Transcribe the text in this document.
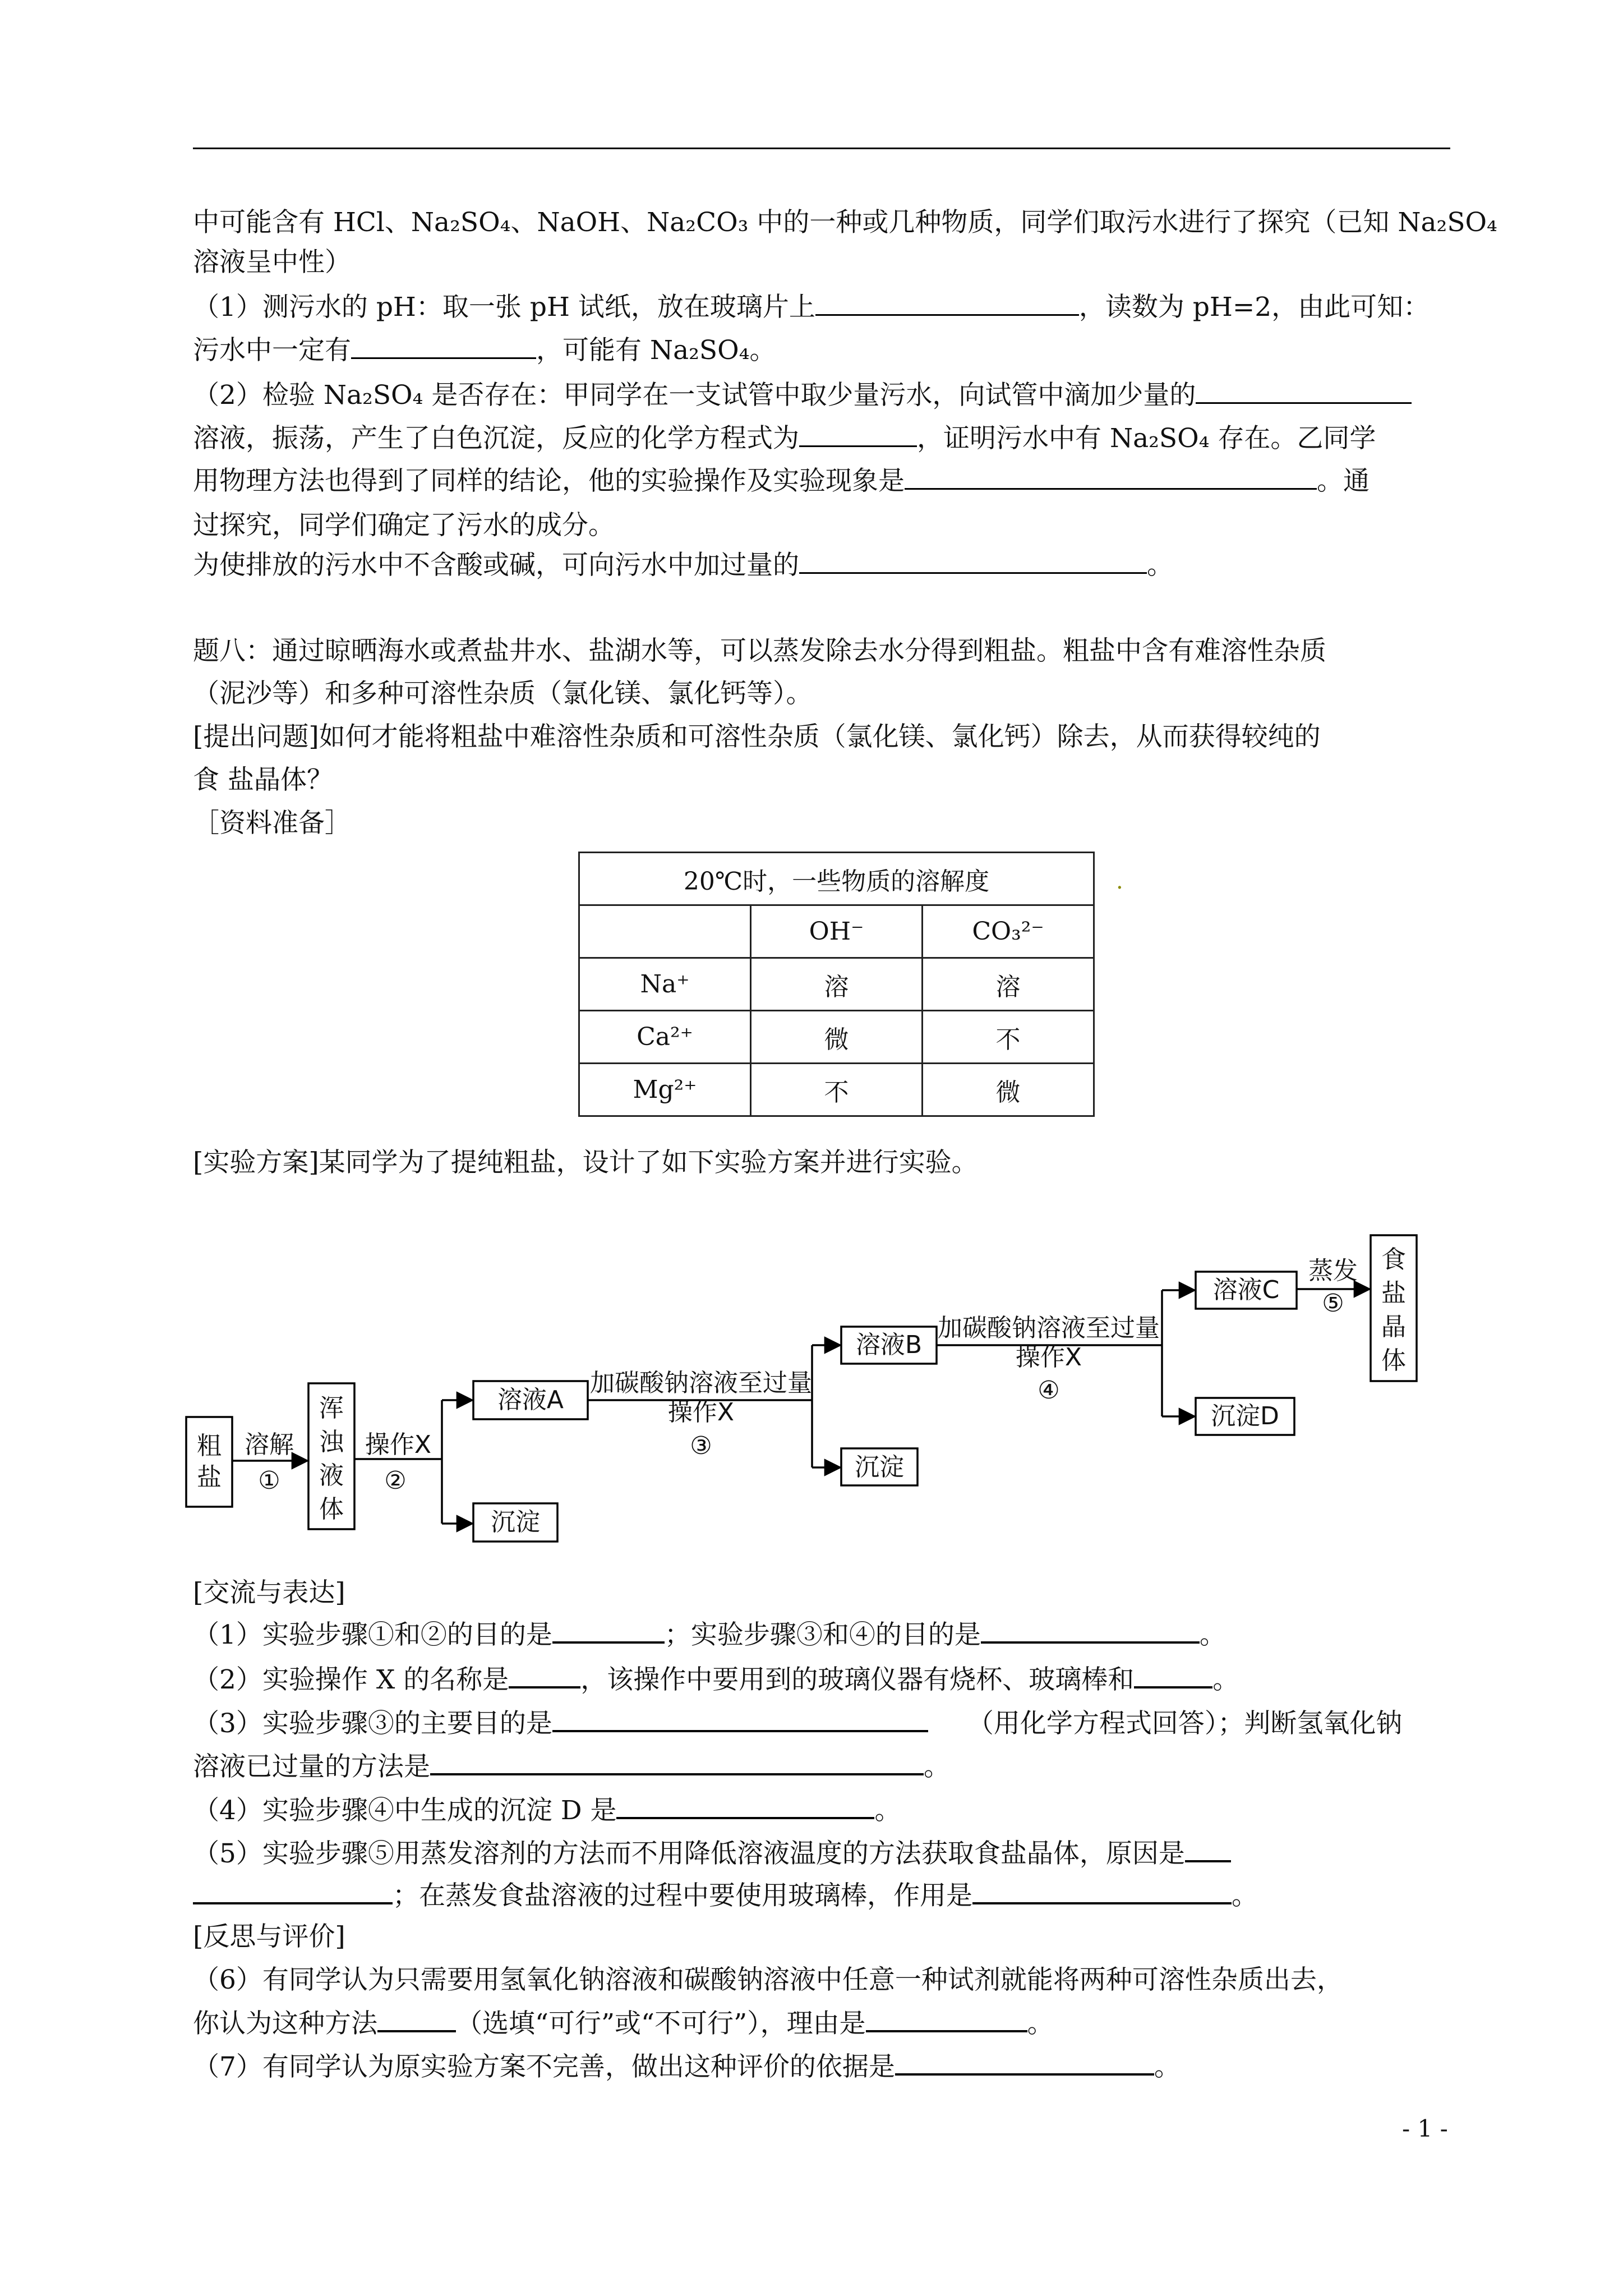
中可能含有 HCl、Na₂SO₄、NaOH、Na₂CO₃ 中的一种或几种物质，同学们取污水进行了探究（已知 Na₂SO₄
溶液呈中性）
（1）测污水的 pH：取一张 pH 试纸，放在玻璃片上	，读数为 pH=2，由此可知：
污水中一定有	，可能有 Na₂SO₄。
（2）检验 Na₂SO₄ 是否存在：甲同学在一支试管中取少量污水，向试管中滴加少量的
溶液，振荡，产生了白色沉淀，反应的化学方程式为	，证明污水中有 Na₂SO₄ 存在。乙同学
用物理方法也得到了同样的结论，他的实验操作及实验现象是	。通
过探究，同学们确定了污水的成分。
为使排放的污水中不含酸或碱，可向污水中加过量的	。
题八：通过晾晒海水或煮盐井水、盐湖水等，可以蒸发除去水分得到粗盐。粗盐中含有难溶性杂质
（泥沙等）和多种可溶性杂质（氯化镁、氯化钙等）。
[提出问题]如何才能将粗盐中难溶性杂质和可溶性杂质（氯化镁、氯化钙）除去，从而获得较纯的
食 盐晶体？
［资料准备］
20℃时，一些物质的溶解度		
	OH⁻	CO₃²⁻
Na⁺	溶	溶
Ca²⁺	微	不
Mg²⁺	不	微
.
[实验方案]某同学为了提纯粗盐，设计了如下实验方案并进行实验。
粗
盐
溶解
①
浑
浊
液
体
操作X
②
溶液A
沉淀
加碳酸钠溶液至过量
操作X
③
溶液B
沉淀
加碳酸钠溶液至过量
操作X
④
溶液C
沉淀D
蒸发
⑤
食
盐
晶
体
[交流与表达]
（1）实验步骤①和②的目的是	；实验步骤③和④的目的是	。
（2）实验操作 X 的名称是	，该操作中要用到的玻璃仪器有烧杯、玻璃棒和	。
（3）实验步骤③的主要目的是	（用化学方程式回答）；判断氢氧化钠
溶液已过量的方法是	。
（4）实验步骤④中生成的沉淀 D 是	。
（5）实验步骤⑤用蒸发溶剂的方法而不用降低溶液温度的方法获取食盐晶体，原因是
；在蒸发食盐溶液的过程中要使用玻璃棒，作用是	。
[反思与评价]
（6）有同学认为只需要用氢氧化钠溶液和碳酸钠溶液中任意一种试剂就能将两种可溶性杂质出去，
你认为这种方法	（选填“可行”或“不可行”），理由是	。
（7）有同学认为原实验方案不完善，做出这种评价的依据是	。
- 1 -
